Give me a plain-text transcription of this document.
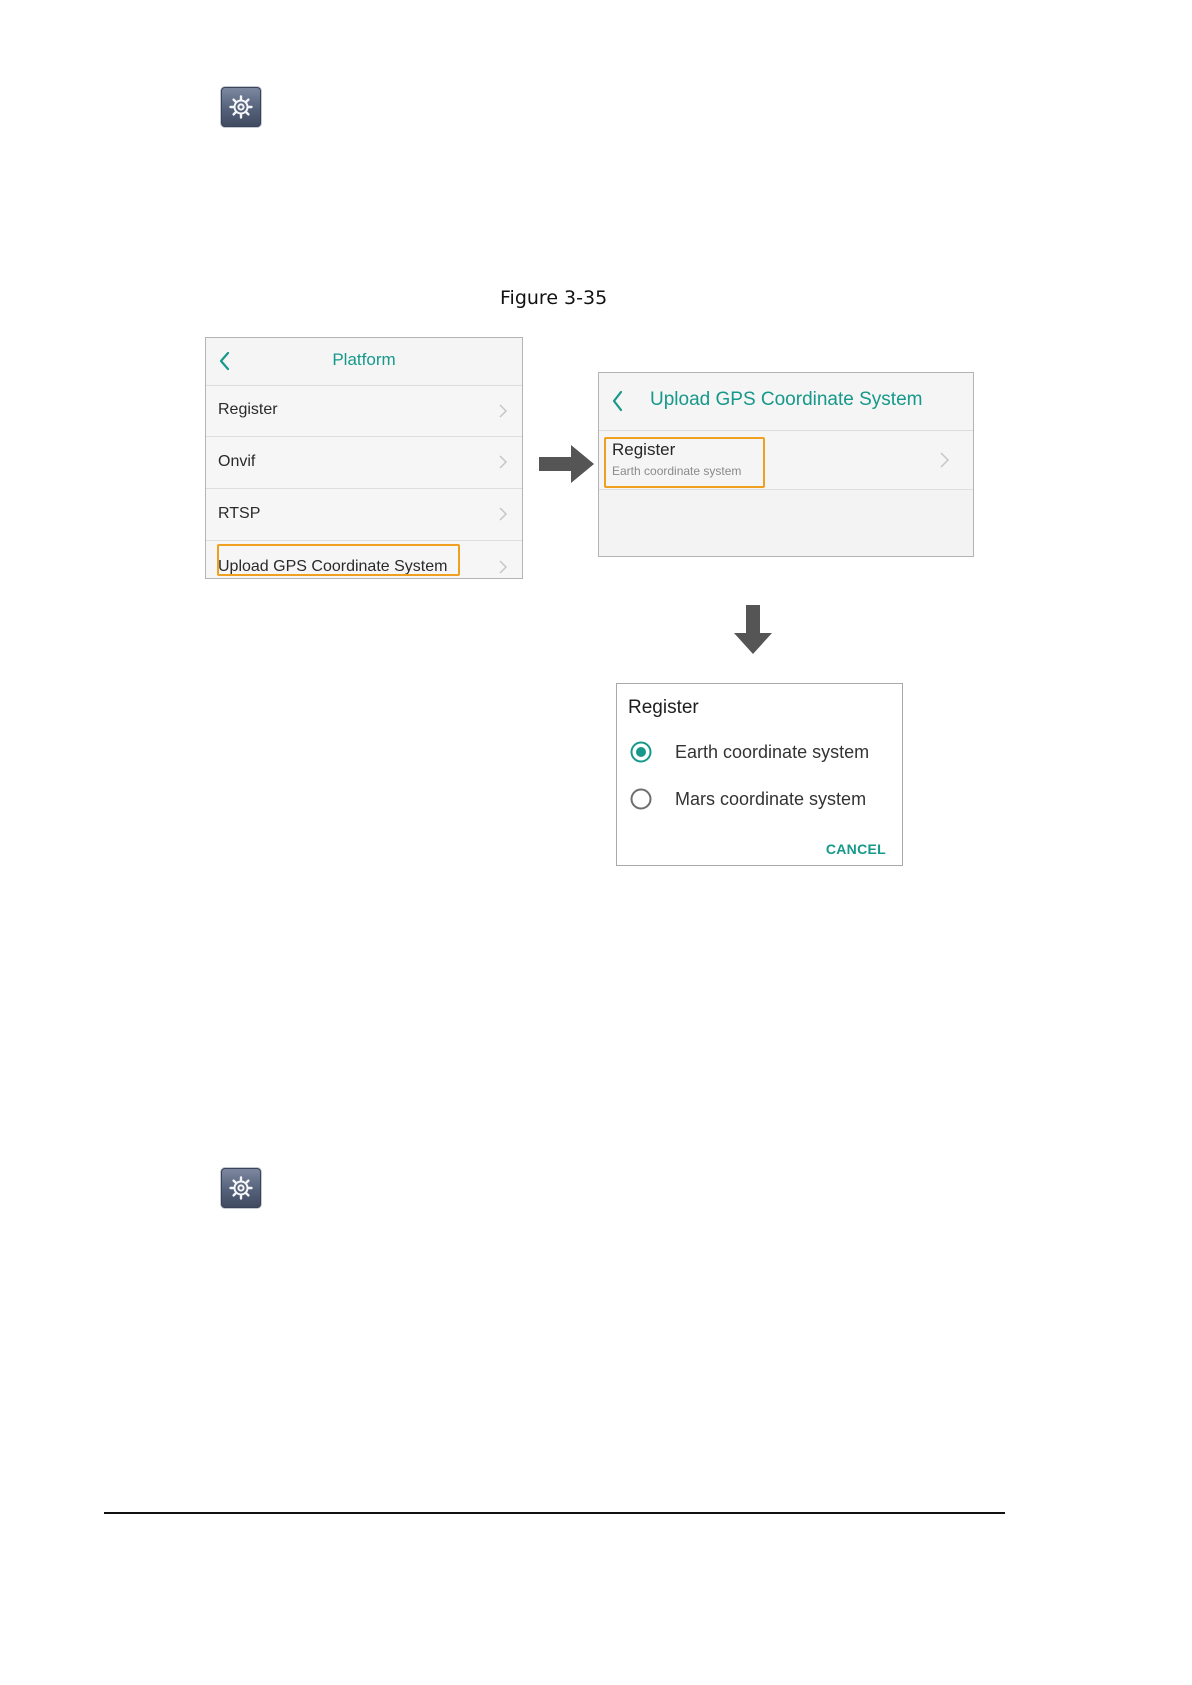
Figure 3-35
Platform
Register
Onvif
RTSP
Upload GPS Coordinate System
Upload GPS Coordinate System
Register
Earth coordinate system
Register
Earth coordinate system
Mars coordinate system
CANCEL
